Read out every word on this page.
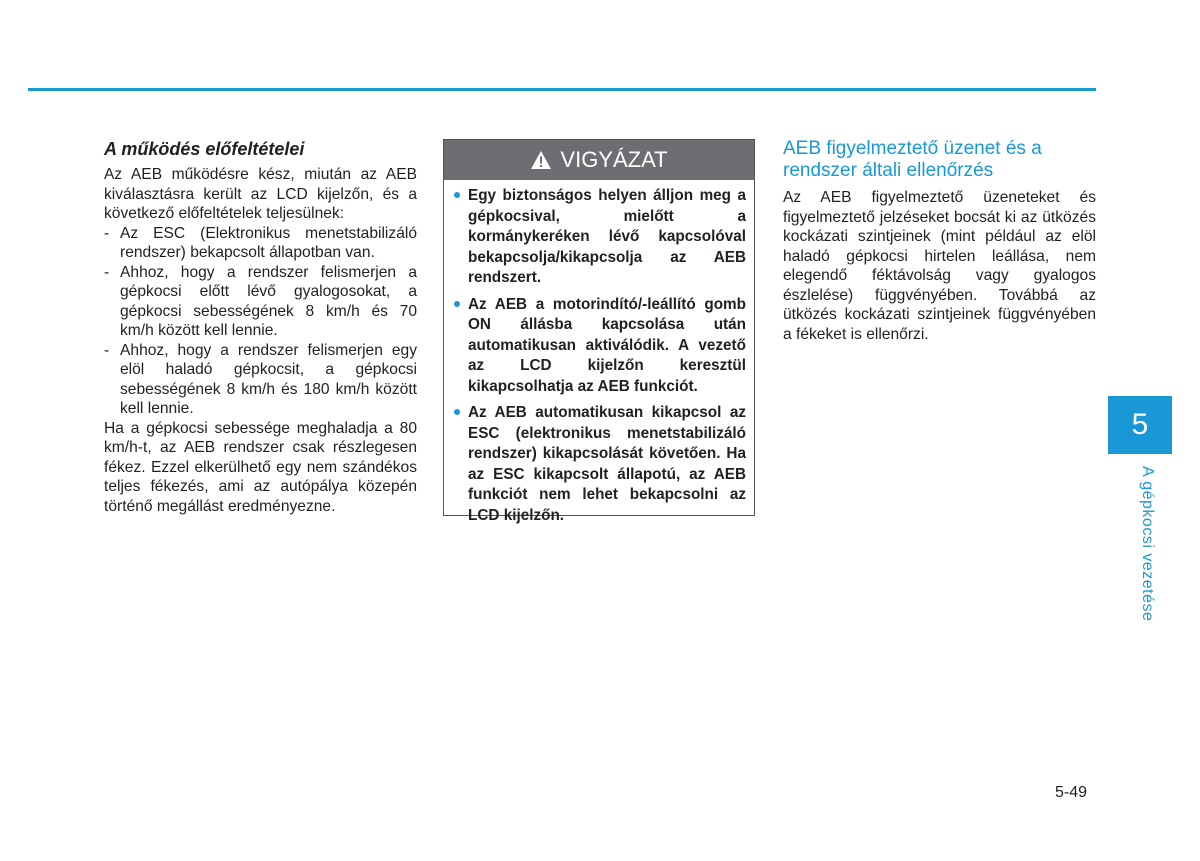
A működés előfeltételei

Az AEB működésre kész, miután az AEB kiválasztásra került az LCD kijelzőn, és a következő előfeltételek teljesülnek:

- Az ESC (Elektronikus menetstabilizáló rendszer) bekapcsolt állapotban van.
- Ahhoz, hogy a rendszer felismerjen a gépkocsi előtt lévő gyalogosokat, a gépkocsi sebességének 8 km/h és 70 km/h között kell lennie.
- Ahhoz, hogy a rendszer felismerjen egy elöl haladó gépkocsit, a gépkocsi sebességének 8 km/h és 180 km/h között kell lennie.

Ha a gépkocsi sebessége meghaladja a 80 km/h-t, az AEB rendszer csak részlegesen fékez. Ezzel elkerülhető egy nem szándékos teljes fékezés, ami az autópálya közepén történő megállást eredményezne.

VIGYÁZAT
Egy biztonságos helyen álljon meg a gépkocsival, mielőtt a kormánykeréken lévő kapcsolóval bekapcsolja/kikapcsolja az AEB rendszert.
Az AEB a motorindító/-leállító gomb ON állásba kapcsolása után automatikusan aktiválódik. A vezető az LCD kijelzőn keresztül kikapcsolhatja az AEB funkciót.
Az AEB automatikusan kikapcsol az ESC (elektronikus menetstabilizáló rendszer) kikapcsolását követően. Ha az ESC kikapcsolt állapotú, az AEB funkciót nem lehet bekapcsolni az LCD kijelzőn.
AEB figyelmeztető üzenet és a rendszer általi ellenőrzés

Az AEB figyelmeztető üzeneteket és figyelmeztető jelzéseket bocsát ki az ütközés kockázati szintjeinek (mint például az elöl haladó gépkocsi hirtelen leállása, nem elegendő féktávolság vagy gyalogos észlelése) függvényében. Továbbá az ütközés kockázati szintjeinek függvényében a fékeket is ellenőrzi.

5
A gépkocsi vezetése
5-49
